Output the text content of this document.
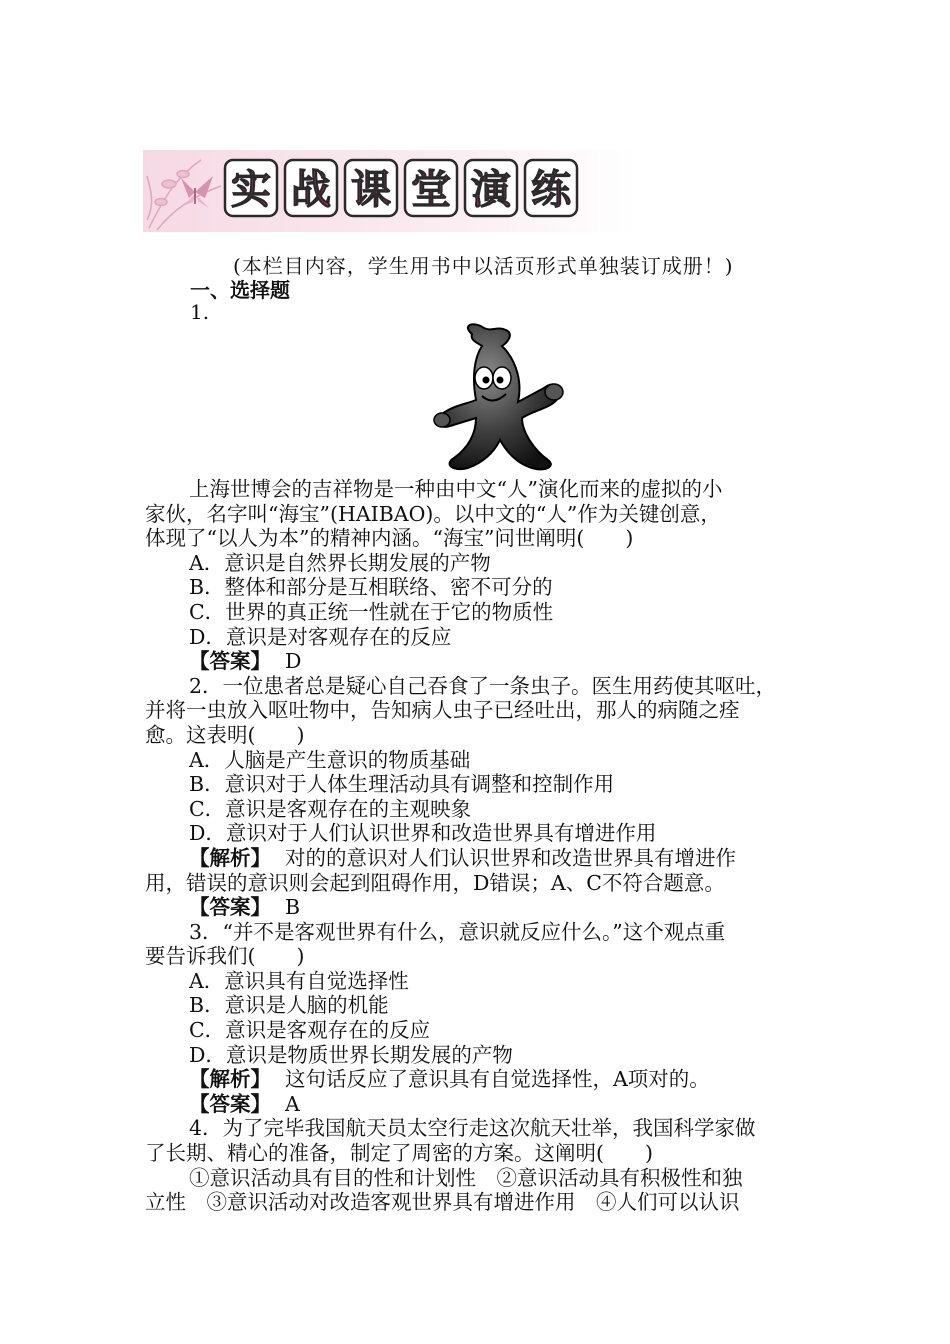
实 战 课 堂 演 练
(本栏目内容，学生用书中以活页形式单独装订成册！)
一、选择题
1.

上海世博会的吉祥物是一种由中文“人”演化而来的虚拟的小

家伙，名字叫“海宝”(HAIBAO)。以中文的“人”作为关键创意，

体现了“以人为本”的精神内涵。“海宝”问世阐明(　　)

A．意识是自然界长期发展的产物

B．整体和部分是互相联络、密不可分的

C．世界的真正统一性就在于它的物质性

D．意识是对客观存在的反应

【答案】 D

2．一位患者总是疑心自己吞食了一条虫子。医生用药使其呕吐，

并将一虫放入呕吐物中，告知病人虫子已经吐出，那人的病随之痊

愈。这表明(　　)

A．人脑是产生意识的物质基础

B．意识对于人体生理活动具有调整和控制作用

C．意识是客观存在的主观映象

D．意识对于人们认识世界和改造世界具有增进作用

【解析】 对的的意识对人们认识世界和改造世界具有增进作

用，错误的意识则会起到阻碍作用，D错误；A、C不符合题意。

【答案】 B

3．“并不是客观世界有什么，意识就反应什么。”这个观点重

要告诉我们(　　)

A．意识具有自觉选择性

B．意识是人脑的机能

C．意识是客观存在的反应

D．意识是物质世界长期发展的产物

【解析】 这句话反应了意识具有自觉选择性，A项对的。

【答案】 A

4．为了完毕我国航天员太空行走这次航天壮举，我国科学家做

了长期、精心的准备，制定了周密的方案。这阐明(　　)

①意识活动具有目的性和计划性　②意识活动具有积极性和独

立性　③意识活动对改造客观世界具有增进作用　④人们可以认识
